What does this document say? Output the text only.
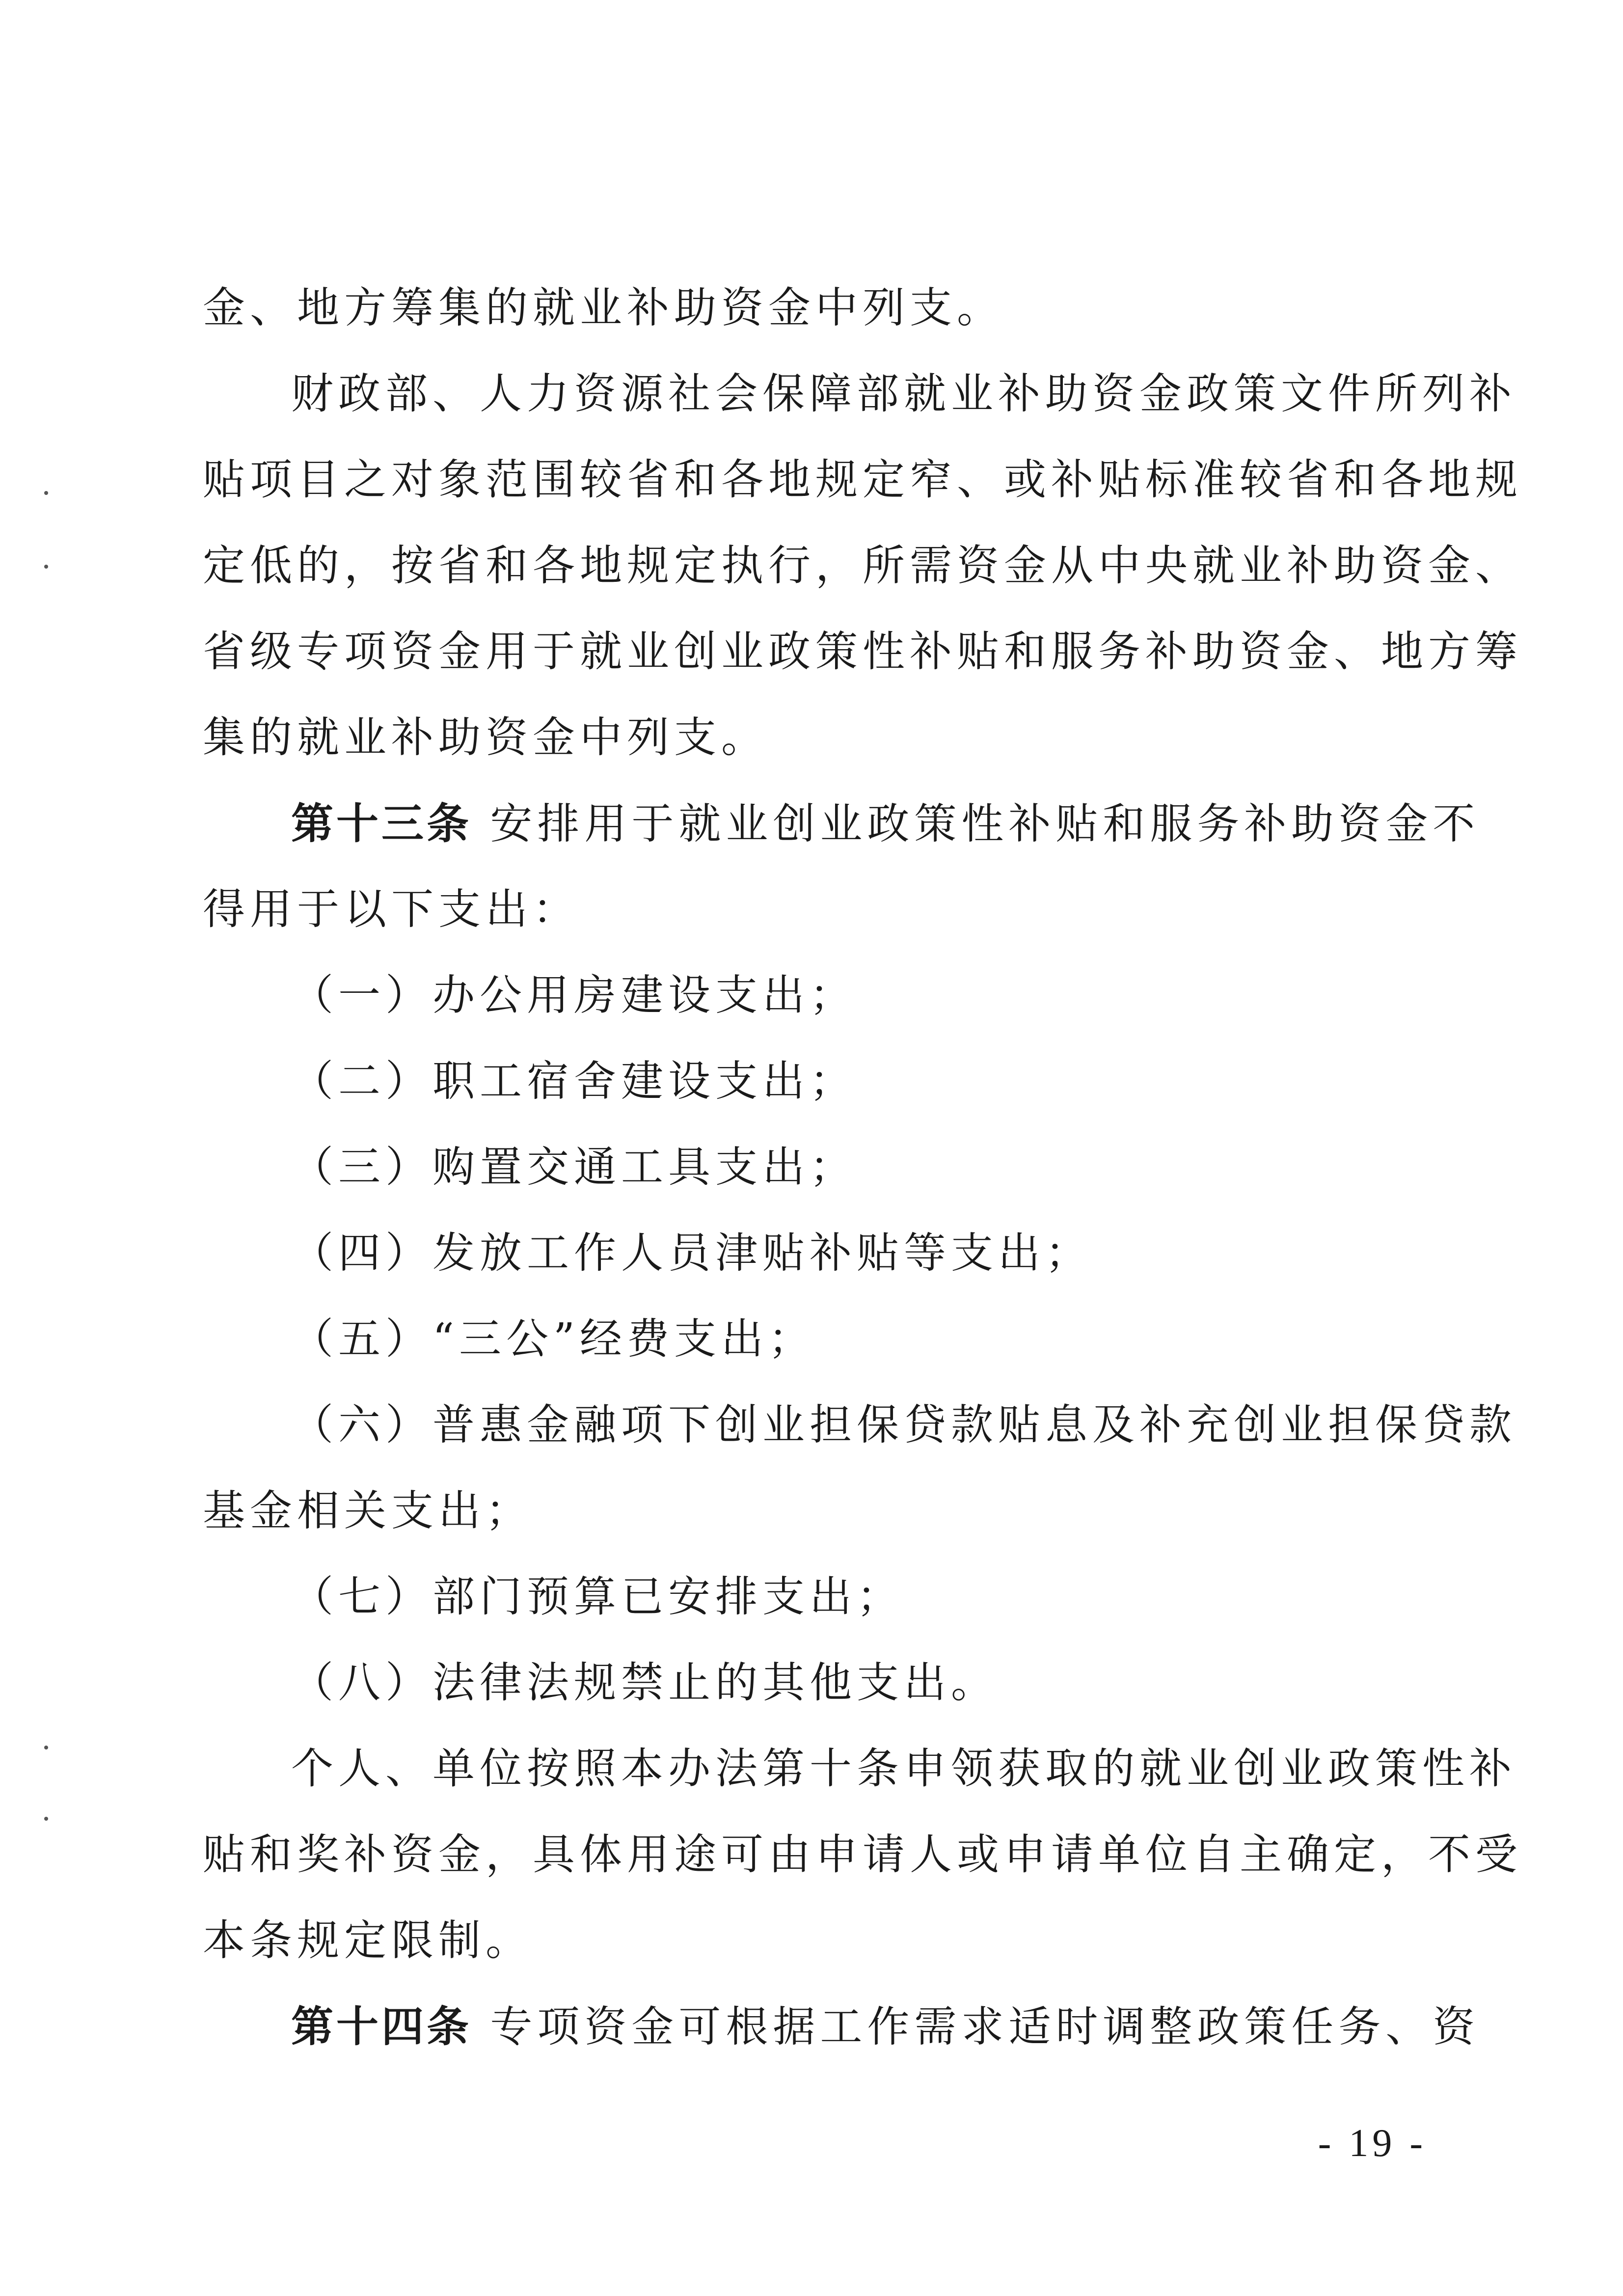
金、地方筹集的就业补助资金中列支。
财政部、人力资源社会保障部就业补助资金政策文件所列补
贴项目之对象范围较省和各地规定窄、或补贴标准较省和各地规
定低的，按省和各地规定执行，所需资金从中央就业补助资金、
省级专项资金用于就业创业政策性补贴和服务补助资金、地方筹
集的就业补助资金中列支。
第十三条 安排用于就业创业政策性补贴和服务补助资金不
得用于以下支出：
（一）办公用房建设支出；
（二）职工宿舍建设支出；
（三）购置交通工具支出；
（四）发放工作人员津贴补贴等支出；
（五）“三公”经费支出；
（六）普惠金融项下创业担保贷款贴息及补充创业担保贷款
基金相关支出；
（七）部门预算已安排支出；
（八）法律法规禁止的其他支出。
个人、单位按照本办法第十条申领获取的就业创业政策性补
贴和奖补资金，具体用途可由申请人或申请单位自主确定，不受
本条规定限制。
第十四条 专项资金可根据工作需求适时调整政策任务、资
- 19 -
